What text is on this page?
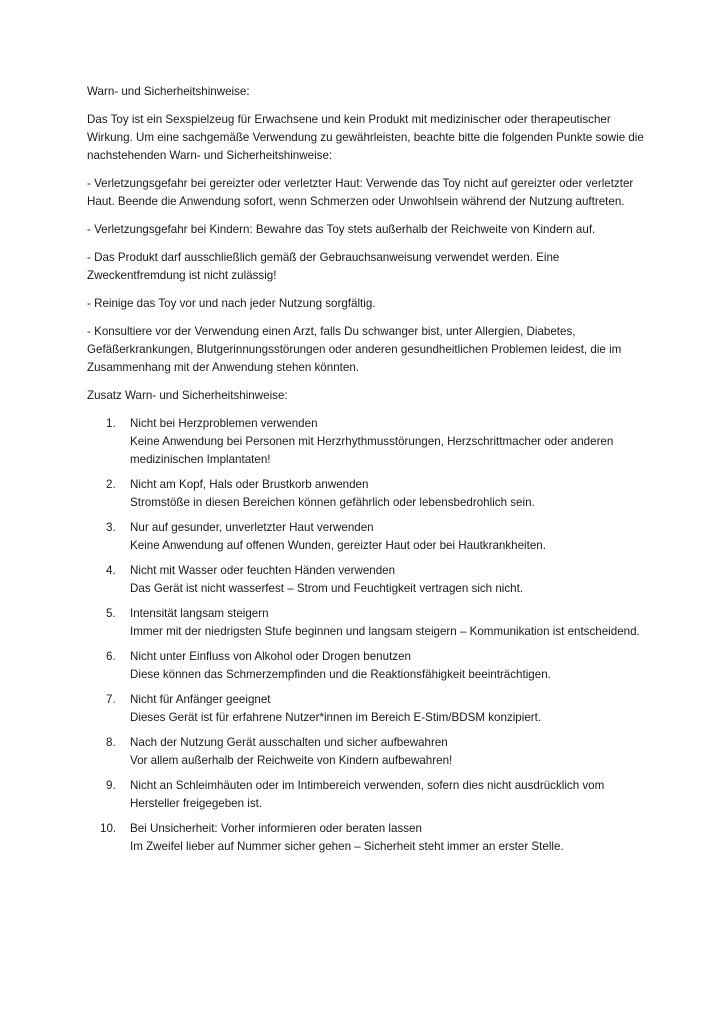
Warn- und Sicherheitshinweise:

Das Toy ist ein Sexspielzeug für Erwachsene und kein Produkt mit medizinischer oder therapeutischer Wirkung. Um eine sachgemäße Verwendung zu gewährleisten, beachte bitte die folgenden Punkte sowie die nachstehenden Warn- und Sicherheitshinweise:

- Verletzungsgefahr bei gereizter oder verletzter Haut: Verwende das Toy nicht auf gereizter oder verletzter Haut. Beende die Anwendung sofort, wenn Schmerzen oder Unwohlsein während der Nutzung auftreten.

- Verletzungsgefahr bei Kindern: Bewahre das Toy stets außerhalb der Reichweite von Kindern auf.

- Das Produkt darf ausschließlich gemäß der Gebrauchsanweisung verwendet werden. Eine Zweckentfremdung ist nicht zulässig!

- Reinige das Toy vor und nach jeder Nutzung sorgfältig.

- Konsultiere vor der Verwendung einen Arzt, falls Du schwanger bist, unter Allergien, Diabetes, Gefäßerkrankungen, Blutgerinnungsstörungen oder anderen gesundheitlichen Problemen leidest, die im Zusammenhang mit der Anwendung stehen könnten.

Zusatz Warn- und Sicherheitshinweise:

1. Nicht bei Herzproblemen verwenden
Keine Anwendung bei Personen mit Herzrhythmusstörungen, Herzschrittmacher oder anderen medizinischen Implantaten!
2. Nicht am Kopf, Hals oder Brustkorb anwenden
Stromstöße in diesen Bereichen können gefährlich oder lebensbedrohlich sein.
3. Nur auf gesunder, unverletzter Haut verwenden
Keine Anwendung auf offenen Wunden, gereizter Haut oder bei Hautkrankheiten.
4. Nicht mit Wasser oder feuchten Händen verwenden
Das Gerät ist nicht wasserfest – Strom und Feuchtigkeit vertragen sich nicht.
5. Intensität langsam steigern
Immer mit der niedrigsten Stufe beginnen und langsam steigern – Kommunikation ist entscheidend.
6. Nicht unter Einfluss von Alkohol oder Drogen benutzen
Diese können das Schmerzempfinden und die Reaktionsfähigkeit beeinträchtigen.
7. Nicht für Anfänger geeignet
Dieses Gerät ist für erfahrene Nutzer*innen im Bereich E-Stim/BDSM konzipiert.
8. Nach der Nutzung Gerät ausschalten und sicher aufbewahren
Vor allem außerhalb der Reichweite von Kindern aufbewahren!
9. Nicht an Schleimhäuten oder im Intimbereich verwenden, sofern dies nicht ausdrücklich vom Hersteller freigegeben ist.
10. Bei Unsicherheit: Vorher informieren oder beraten lassen
Im Zweifel lieber auf Nummer sicher gehen – Sicherheit steht immer an erster Stelle.
